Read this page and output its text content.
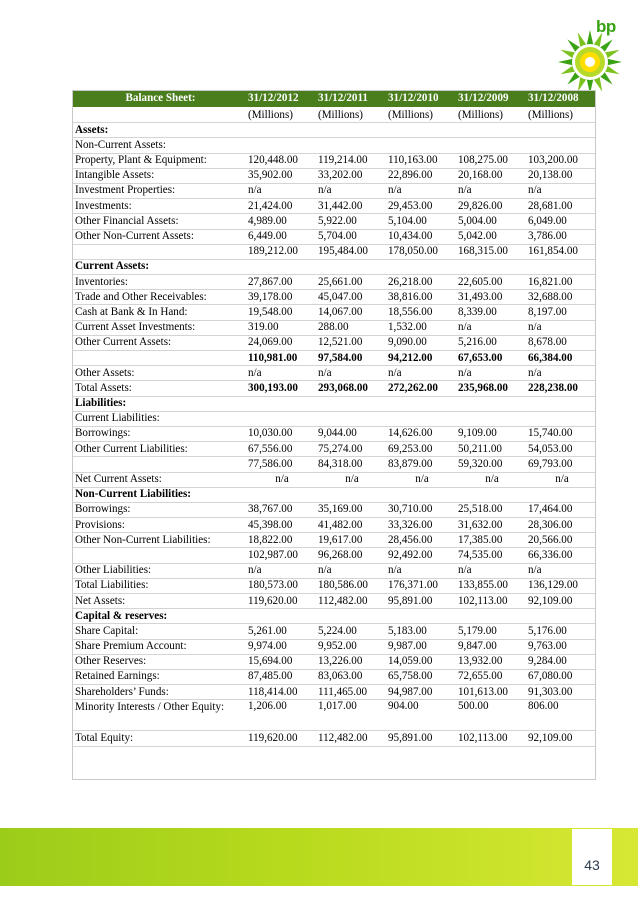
bp
Balance Sheet:	31/12/2012	31/12/2011	31/12/2010	31/12/2009	31/12/2008
	(Millions)	(Millions)	(Millions)	(Millions)	(Millions)
Assets:					
Non-Current Assets:					
Property, Plant & Equipment:	120,448.00	119,214.00	110,163.00	108,275.00	103,200.00
Intangible Assets:	35,902.00	33,202.00	22,896.00	20,168.00	20,138.00
Investment Properties:	n/a	n/a	n/a	n/a	n/a
Investments:	21,424.00	31,442.00	29,453.00	29,826.00	28,681.00
Other Financial Assets:	4,989.00	5,922.00	5,104.00	5,004.00	6,049.00
Other Non-Current Assets:	6,449.00	5,704.00	10,434.00	5,042.00	3,786.00
	189,212.00	195,484.00	178,050.00	168,315.00	161,854.00
Current Assets:					
Inventories:	27,867.00	25,661.00	26,218.00	22,605.00	16,821.00
Trade and Other Receivables:	39,178.00	45,047.00	38,816.00	31,493.00	32,688.00
Cash at Bank & In Hand:	19,548.00	14,067.00	18,556.00	8,339.00	8,197.00
Current Asset Investments:	319.00	288.00	1,532.00	n/a	n/a
Other Current Assets:	24,069.00	12,521.00	9,090.00	5,216.00	8,678.00
	110,981.00	97,584.00	94,212.00	67,653.00	66,384.00
Other Assets:	n/a	n/a	n/a	n/a	n/a
Total Assets:	300,193.00	293,068.00	272,262.00	235,968.00	228,238.00
Liabilities:					
Current Liabilities:					
Borrowings:	10,030.00	9,044.00	14,626.00	9,109.00	15,740.00
Other Current Liabilities:	67,556.00	75,274.00	69,253.00	50,211.00	54,053.00
	77,586.00	84,318.00	83,879.00	59,320.00	69,793.00
Net Current Assets:	n/a	n/a	n/a	n/a	n/a
Non-Current Liabilities:					
Borrowings:	38,767.00	35,169.00	30,710.00	25,518.00	17,464.00
Provisions:	45,398.00	41,482.00	33,326.00	31,632.00	28,306.00
Other Non-Current Liabilities:	18,822.00	19,617.00	28,456.00	17,385.00	20,566.00
	102,987.00	96,268.00	92,492.00	74,535.00	66,336.00
Other Liabilities:	n/a	n/a	n/a	n/a	n/a
Total Liabilities:	180,573.00	180,586.00	176,371.00	133,855.00	136,129.00
Net Assets:	119,620.00	112,482.00	95,891.00	102,113.00	92,109.00
Capital & reserves:					
Share Capital:	5,261.00	5,224.00	5,183.00	5,179.00	5,176.00
Share Premium Account:	9,974.00	9,952.00	9,987.00	9,847.00	9,763.00
Other Reserves:	15,694.00	13,226.00	14,059.00	13,932.00	9,284.00
Retained Earnings:	87,485.00	83,063.00	65,758.00	72,655.00	67,080.00
Shareholders’ Funds:	118,414.00	111,465.00	94,987.00	101,613.00	91,303.00
Minority Interests / Other Equity:	1,206.00	1,017.00	904.00	500.00	806.00
Total Equity:	119,620.00	112,482.00	95,891.00	102,113.00	92,109.00
43
